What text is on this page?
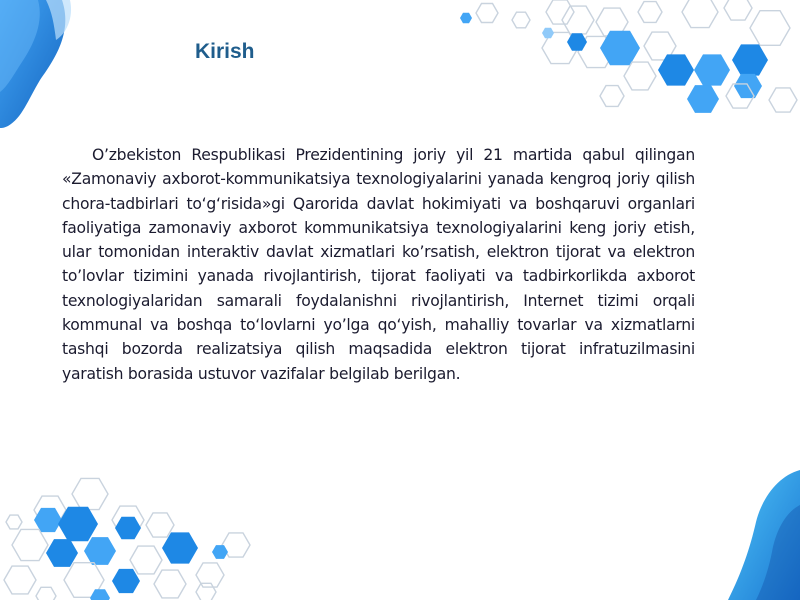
Kirish
O’zbekiston Respublikasi Prezidentining joriy yil 21 martida qabul qilingan «Zamonaviy axborot-kommunikatsiya texnologiyalarini yanada kengroq joriy qilish chora-tadbirlari to‘g‘risida»gi Qarorida davlat hokimiyati va boshqaruvi organlari faoliyatiga zamonaviy axborot kommunikatsiya texnologiyalarini keng joriy etish, ular tomonidan interaktiv davlat xizmatlari ko’rsatish, elektron tijorat va elektron to’lovlar tizimini yanada rivojlantirish, tijorat faoliyati va tadbirkorlikda axborot texnologiyalaridan samarali foydalanishni rivojlantirish, Internet tizimi orqali kommunal va boshqa to‘lovlarni yo’lga qo‘yish, mahalliy tovarlar va xizmatlarni tashqi bozorda realizatsiya qilish maqsadida elektron tijorat infratuzilmasini yaratish borasida ustuvor vazifalar belgilab berilgan.
